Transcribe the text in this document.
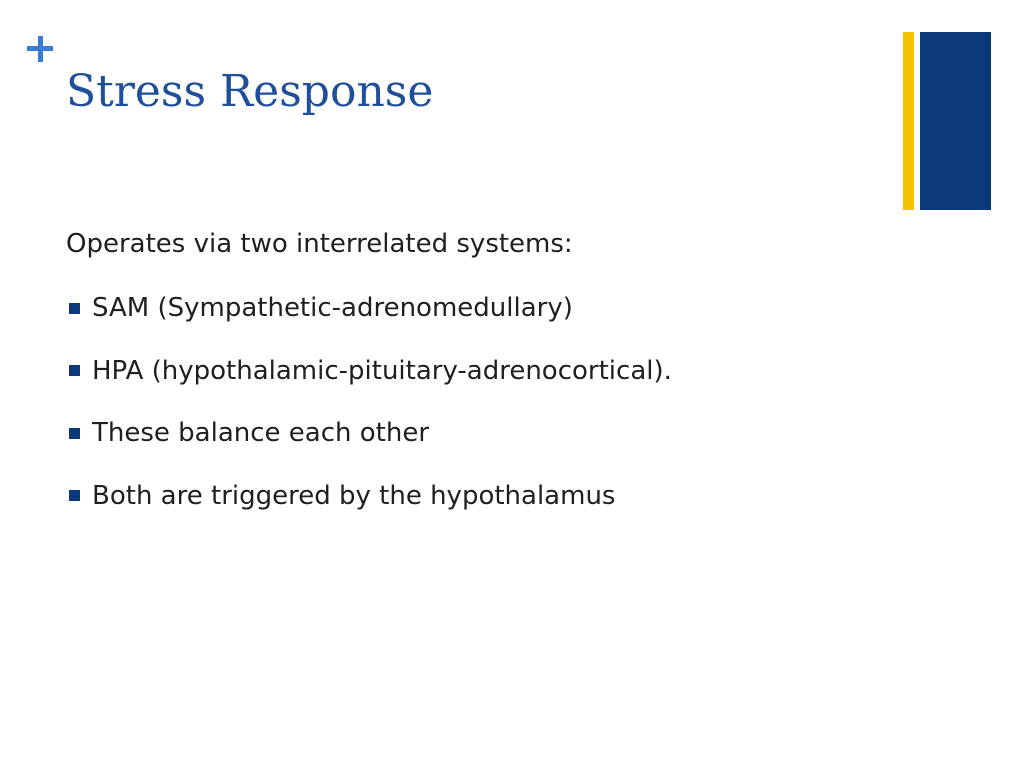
Stress Response

Operates via two interrelated systems:

SAM (Sympathetic-adrenomedullary)
HPA (hypothalamic-pituitary-adrenocortical).
These balance each other
Both are triggered by the hypothalamus
